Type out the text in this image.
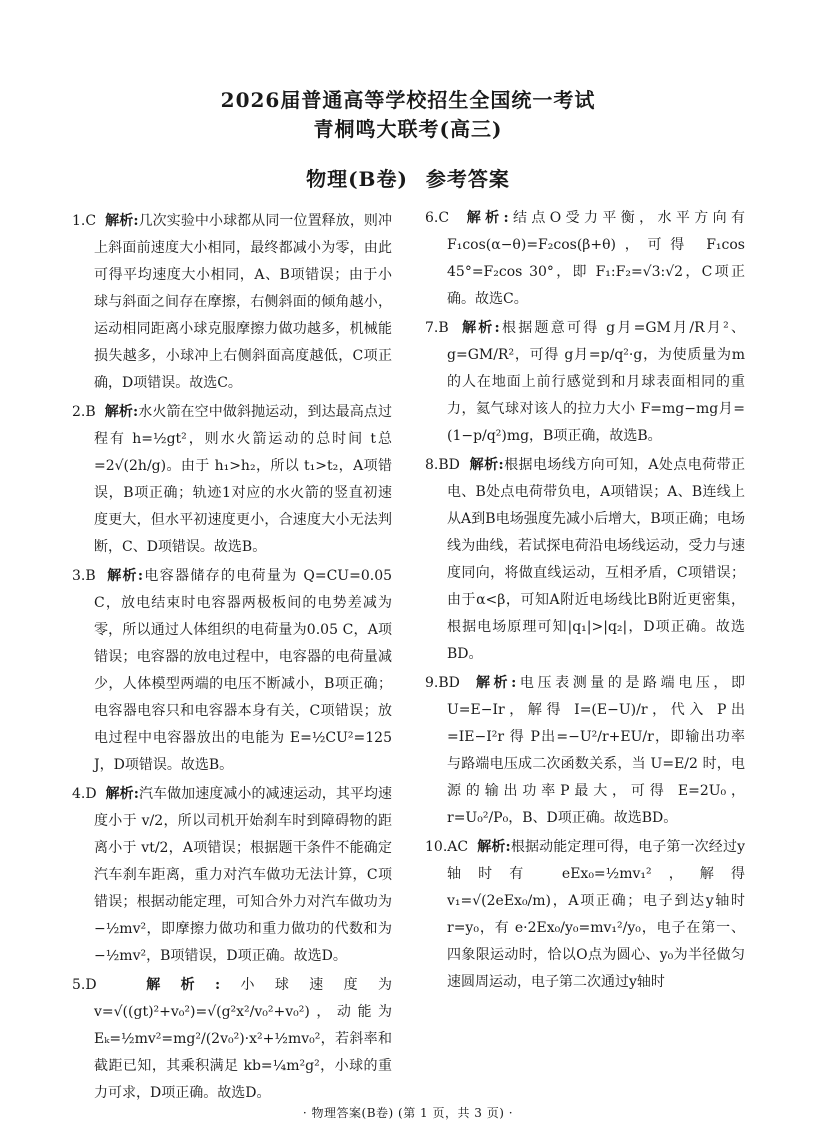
2026届普通高等学校招生全国统一考试
青桐鸣大联考(高三)
物理(B卷) 参考答案

1.C 解析:几次实验中小球都从同一位置释放，则冲上斜面前速度大小相同，最终都减小为零，由此可得平均速度大小相同，A、B项错误；由于小球与斜面之间存在摩擦，右侧斜面的倾角越小，运动相同距离小球克服摩擦力做功越多，机械能损失越多，小球冲上右侧斜面高度越低，C项正确，D项错误。故选C。

2.B 解析:水火箭在空中做斜抛运动，到达最高点过程有 h=½gt²，则水火箭运动的总时间 t总=2√(2h/g)。由于 h₁>h₂，所以 t₁>t₂，A项错误，B项正确；轨迹1对应的水火箭的竖直初速度更大，但水平初速度更小，合速度大小无法判断，C、D项错误。故选B。

3.B 解析:电容器储存的电荷量为 Q=CU=0.05 C，放电结束时电容器两极板间的电势差减为零，所以通过人体组织的电荷量为0.05 C，A项错误；电容器的放电过程中，电容器的电荷量减少，人体模型两端的电压不断减小，B项正确；电容器电容只和电容器本身有关，C项错误；放电过程中电容器放出的电能为 E=½CU²=125 J，D项错误。故选B。

4.D 解析:汽车做加速度减小的减速运动，其平均速度小于 v/2，所以司机开始刹车时到障碍物的距离小于 vt/2，A项错误；根据题干条件不能确定汽车刹车距离，重力对汽车做功无法计算，C项错误；根据动能定理，可知合外力对汽车做功为 −½mv²，即摩擦力做功和重力做功的代数和为 −½mv²，B项错误，D项正确。故选D。

5.D	解析:小球速度为 v=√((gt)²+v₀²)=√(g²x²/v₀²+v₀²)，动能为 Eₖ=½mv²=mg²/(2v₀²)·x²+½mv₀²，若斜率和截距已知，其乘积满足 kb=¼m²g²，小球的重力可求，D项正确。故选D。

6.C 解析:结点O受力平衡，水平方向有 F₁cos(α−θ)=F₂cos(β+θ)，可得 F₁cos 45°=F₂cos 30°，即 F₁:F₂=√3:√2，C项正确。故选C。

7.B 解析:根据题意可得 g月=GM月/R月²、g=GM/R²，可得 g月=p/q²·g，为使质量为m的人在地面上前行感觉到和月球表面相同的重力，氦气球对该人的拉力大小 F=mg−mg月=(1−p/q²)mg，B项正确，故选B。

8.BD 解析:根据电场线方向可知，A处点电荷带正电、B处点电荷带负电，A项错误；A、B连线上从A到B电场强度先减小后增大，B项正确；电场线为曲线，若试探电荷沿电场线运动，受力与速度同向，将做直线运动，互相矛盾，C项错误；由于α<β，可知A附近电场线比B附近更密集，根据电场原理可知|q₁|>|q₂|，D项正确。故选BD。

9.BD 解析:电压表测量的是路端电压，即U=E−Ir，解得 I=(E−U)/r，代入 P出=IE−I²r 得 P出=−U²/r+EU/r，即输出功率与路端电压成二次函数关系，当 U=E/2 时，电源的输出功率P最大，可得 E=2U₀，r=U₀²/P₀，B、D项正确。故选BD。

10.AC 解析:根据动能定理可得，电子第一次经过y轴时有 eEx₀=½mv₁²，解得 v₁=√(2eEx₀/m)，A项正确；电子到达y轴时 r=y₀，有 e·2Ex₀/y₀=mv₁²/y₀，电子在第一、四象限运动时，恰以O点为圆心、y₀为半径做匀速圆周运动，电子第二次通过y轴时

· 物理答案(B卷) (第 1 页，共 3 页) ·
